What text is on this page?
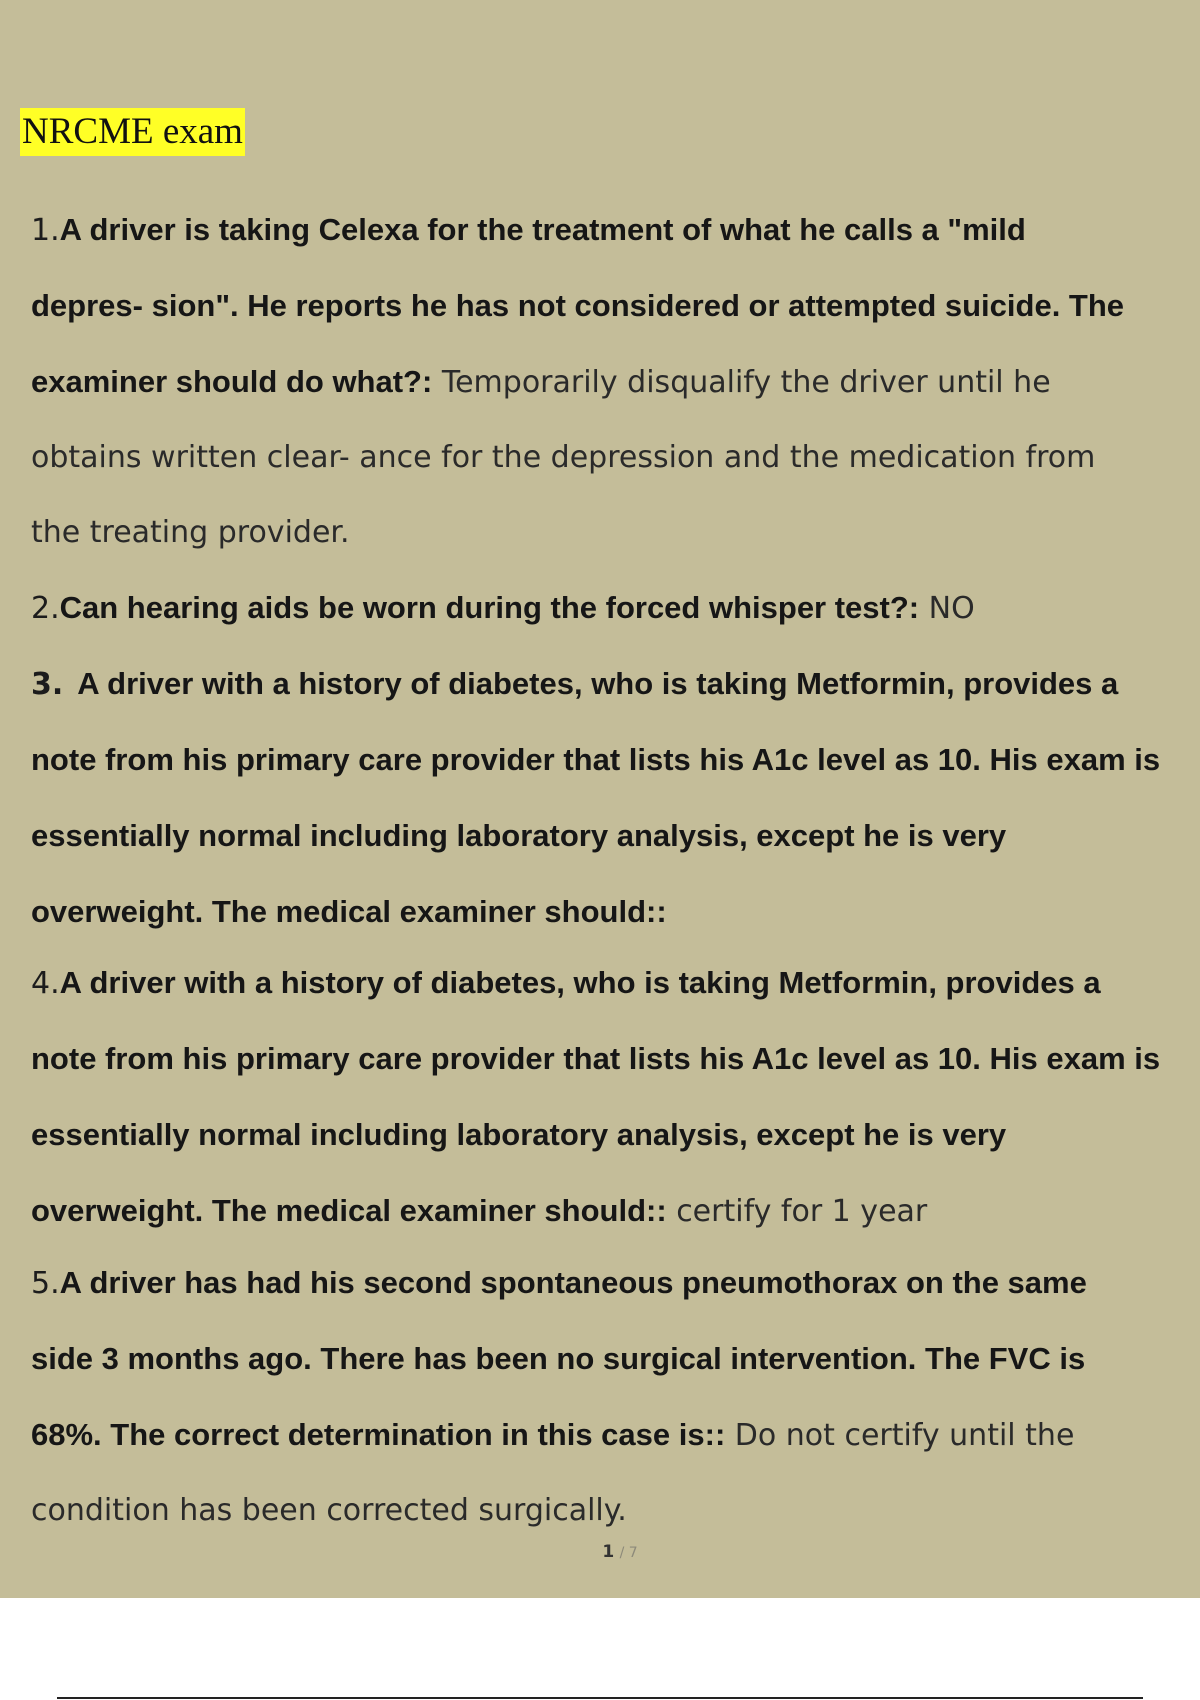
NRCME exam
1.A driver is taking Celexa for the treatment of what he calls a "mild
depres- sion". He reports he has not considered or attempted suicide. The
examiner should do what?: Temporarily disqualify the driver until he
obtains written clear- ance for the depression and the medication from
the treating provider.
2.Can hearing aids be worn during the forced whisper test?: NO
3. A driver with a history of diabetes, who is taking Metformin, provides a
note from his primary care provider that lists his A1c level as 10. His exam is
essentially normal including laboratory analysis, except he is very
overweight. The medical examiner should::
4.A driver with a history of diabetes, who is taking Metformin, provides a
note from his primary care provider that lists his A1c level as 10. His exam is
essentially normal including laboratory analysis, except he is very
overweight. The medical examiner should:: certify for 1 year
5.A driver has had his second spontaneous pneumothorax on the same
side 3 months ago. There has been no surgical intervention. The FVC is
68%. The correct determination in this case is:: Do not certify until the
condition has been corrected surgically.
1 / 7
